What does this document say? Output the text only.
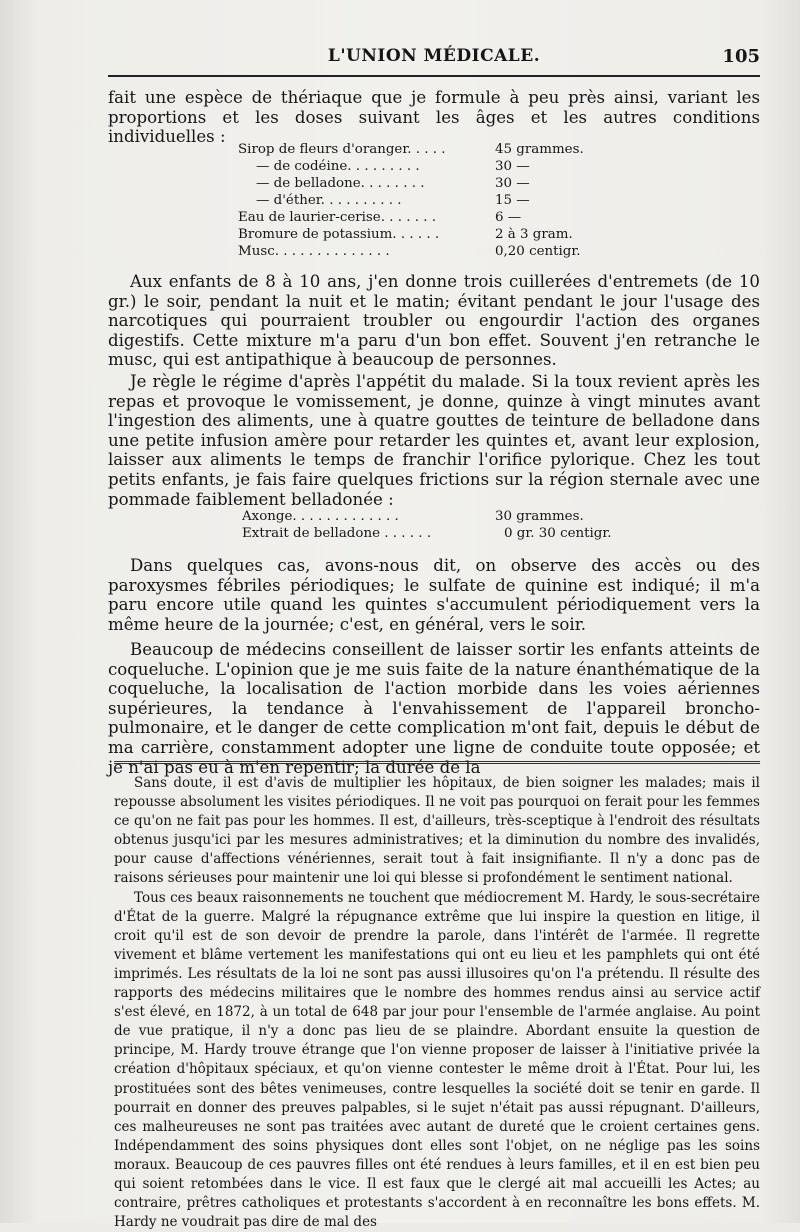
L'UNION MÉDICALE.	105

fait une espèce de thériaque que je formule à peu près ainsi, variant les proportions et les doses suivant les âges et les autres conditions individuelles :

Sirop de fleurs d'oranger. . . . .	45 grammes.
— de codéine. . . . . . . . .	30 —
— de belladone. . . . . . . .	30 —
— d'éther. . . . . . . . . .	15 —
Eau de laurier-cerise. . . . . . .	6 —
Bromure de potassium. . . . . .	2 à 3 gram.
Musc. . . . . . . . . . . . . .	0,20 centigr.

Aux enfants de 8 à 10 ans, j'en donne trois cuillerées d'entremets (de 10 gr.) le soir, pendant la nuit et le matin; évitant pendant le jour l'usage des narcotiques qui pourraient troubler ou engourdir l'action des organes digestifs. Cette mixture m'a paru d'un bon effet. Souvent j'en retranche le musc, qui est antipathique à beaucoup de personnes.

Je règle le régime d'après l'appétit du malade. Si la toux revient après les repas et provoque le vomissement, je donne, quinze à vingt minutes avant l'ingestion des aliments, une à quatre gouttes de teinture de belladone dans une petite infusion amère pour retarder les quintes et, avant leur explosion, laisser aux aliments le temps de franchir l'orifice pylorique. Chez les tout petits enfants, je fais faire quelques frictions sur la région sternale avec une pommade faiblement belladonée :

Axonge. . . . . . . . . . . . .	30 grammes.
Extrait de belladone . . . . . .	0 gr. 30 centigr.

Dans quelques cas, avons-nous dit, on observe des accès ou des paroxysmes fébriles périodiques; le sulfate de quinine est indiqué; il m'a paru encore utile quand les quintes s'accumulent périodiquement vers la même heure de la journée; c'est, en général, vers le soir.

Beaucoup de médecins conseillent de laisser sortir les enfants atteints de coqueluche. L'opinion que je me suis faite de la nature énanthématique de la coqueluche, la localisation de l'action morbide dans les voies aériennes supérieures, la tendance à l'envahissement de l'appareil broncho-pulmonaire, et le danger de cette complication m'ont fait, depuis le début de ma carrière, constamment adopter une ligne de conduite toute opposée; et je n'ai pas eu à m'en repentir; la durée de la

Sans doute, il est d'avis de multiplier les hôpitaux, de bien soigner les malades; mais il repousse absolument les visites périodiques. Il ne voit pas pourquoi on ferait pour les femmes ce qu'on ne fait pas pour les hommes. Il est, d'ailleurs, très-sceptique à l'endroit des résultats obtenus jusqu'ici par les mesures administratives; et la diminution du nombre des invalidés, pour cause d'affections vénériennes, serait tout à fait insignifiante. Il n'y a donc pas de raisons sérieuses pour maintenir une loi qui blesse si profondément le sentiment national.

Tous ces beaux raisonnements ne touchent que médiocrement M. Hardy, le sous-secrétaire d'État de la guerre. Malgré la répugnance extrême que lui inspire la question en litige, il croit qu'il est de son devoir de prendre la parole, dans l'intérêt de l'armée. Il regrette vivement et blâme vertement les manifestations qui ont eu lieu et les pamphlets qui ont été imprimés. Les résultats de la loi ne sont pas aussi illusoires qu'on l'a prétendu. Il résulte des rapports des médecins militaires que le nombre des hommes rendus ainsi au service actif s'est élevé, en 1872, à un total de 648 par jour pour l'ensemble de l'armée anglaise. Au point de vue pratique, il n'y a donc pas lieu de se plaindre. Abordant ensuite la question de principe, M. Hardy trouve étrange que l'on vienne proposer de laisser à l'initiative privée la création d'hôpitaux spéciaux, et qu'on vienne contester le même droit à l'État. Pour lui, les prostituées sont des bêtes venimeuses, contre lesquelles la société doit se tenir en garde. Il pourrait en donner des preuves palpables, si le sujet n'était pas aussi répugnant. D'ailleurs, ces malheureuses ne sont pas traitées avec autant de dureté que le croient certaines gens. Indépendamment des soins physiques dont elles sont l'objet, on ne néglige pas les soins moraux. Beaucoup de ces pauvres filles ont été rendues à leurs familles, et il en est bien peu qui soient retombées dans le vice. Il est faux que le clergé ait mal accueilli les Actes; au contraire, prêtres catholiques et protestants s'accordent à en reconnaître les bons effets. M. Hardy ne voudrait pas dire de mal des
